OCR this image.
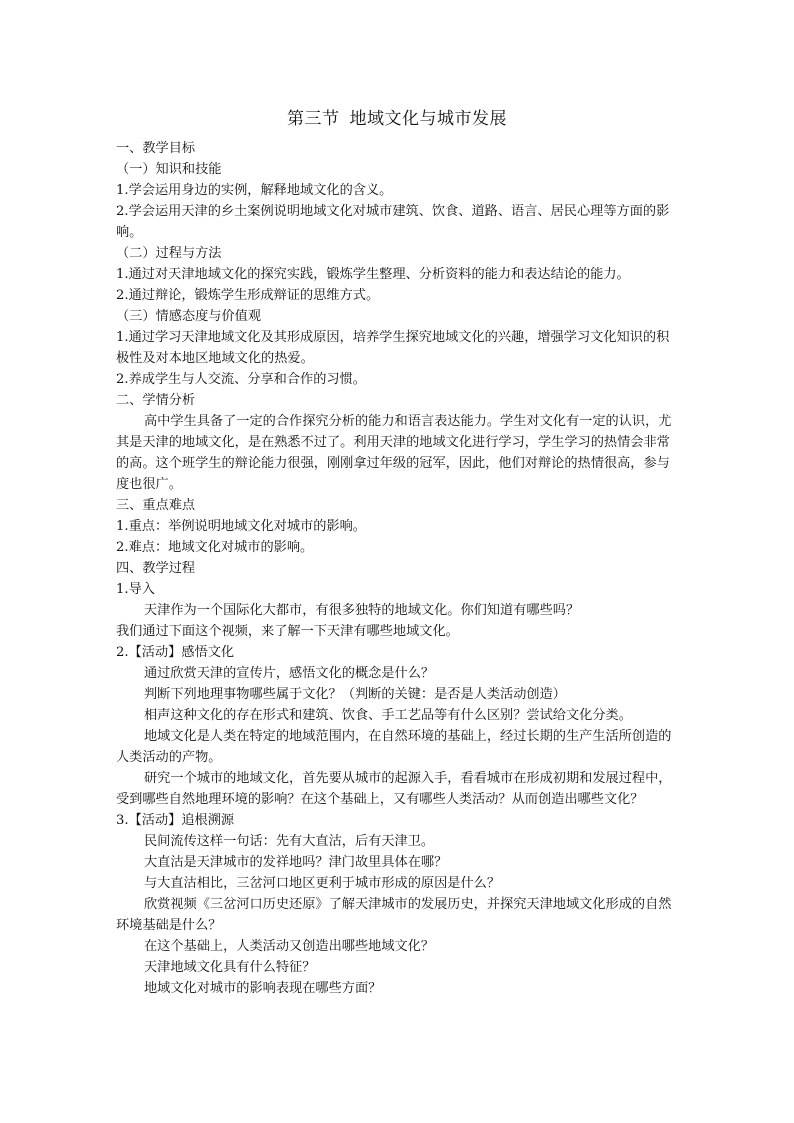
第三节 地域文化与城市发展

一、教学目标

（一）知识和技能

1.学会运用身边的实例，解释地域文化的含义。

2.学会运用天津的乡土案例说明地域文化对城市建筑、饮食、道路、语言、居民心理等方面的影响。

（二）过程与方法

1.通过对天津地域文化的探究实践，锻炼学生整理、分析资料的能力和表达结论的能力。

2.通过辩论，锻炼学生形成辩证的思维方式。

（三）情感态度与价值观

1.通过学习天津地域文化及其形成原因，培养学生探究地域文化的兴趣，增强学习文化知识的积极性及对本地区地域文化的热爱。

2.养成学生与人交流、分享和合作的习惯。

二、学情分析

高中学生具备了一定的合作探究分析的能力和语言表达能力。学生对文化有一定的认识，尤其是天津的地域文化，是在熟悉不过了。利用天津的地域文化进行学习，学生学习的热情会非常的高。这个班学生的辩论能力很强，刚刚拿过年级的冠军，因此，他们对辩论的热情很高，参与度也很广。

三、重点难点

1.重点：举例说明地域文化对城市的影响。

2.难点：地域文化对城市的影响。

四、教学过程

1.导入

天津作为一个国际化大都市，有很多独特的地域文化。你们知道有哪些吗？

我们通过下面这个视频，来了解一下天津有哪些地域文化。

2.【活动】感悟文化

通过欣赏天津的宣传片，感悟文化的概念是什么？

判断下列地理事物哪些属于文化？（判断的关键：是否是人类活动创造）

相声这种文化的存在形式和建筑、饮食、手工艺品等有什么区别？尝试给文化分类。

地域文化是人类在特定的地域范围内，在自然环境的基础上，经过长期的生产生活所创造的人类活动的产物。

研究一个城市的地域文化，首先要从城市的起源入手，看看城市在形成初期和发展过程中，受到哪些自然地理环境的影响？在这个基础上，又有哪些人类活动？从而创造出哪些文化？

3.【活动】追根溯源

民间流传这样一句话：先有大直沽，后有天津卫。

大直沽是天津城市的发祥地吗？津门故里具体在哪？

与大直沽相比，三岔河口地区更利于城市形成的原因是什么？

欣赏视频《三岔河口历史还原》了解天津城市的发展历史，并探究天津地域文化形成的自然环境基础是什么？

在这个基础上，人类活动又创造出哪些地域文化？

天津地域文化具有什么特征？

地域文化对城市的影响表现在哪些方面？
